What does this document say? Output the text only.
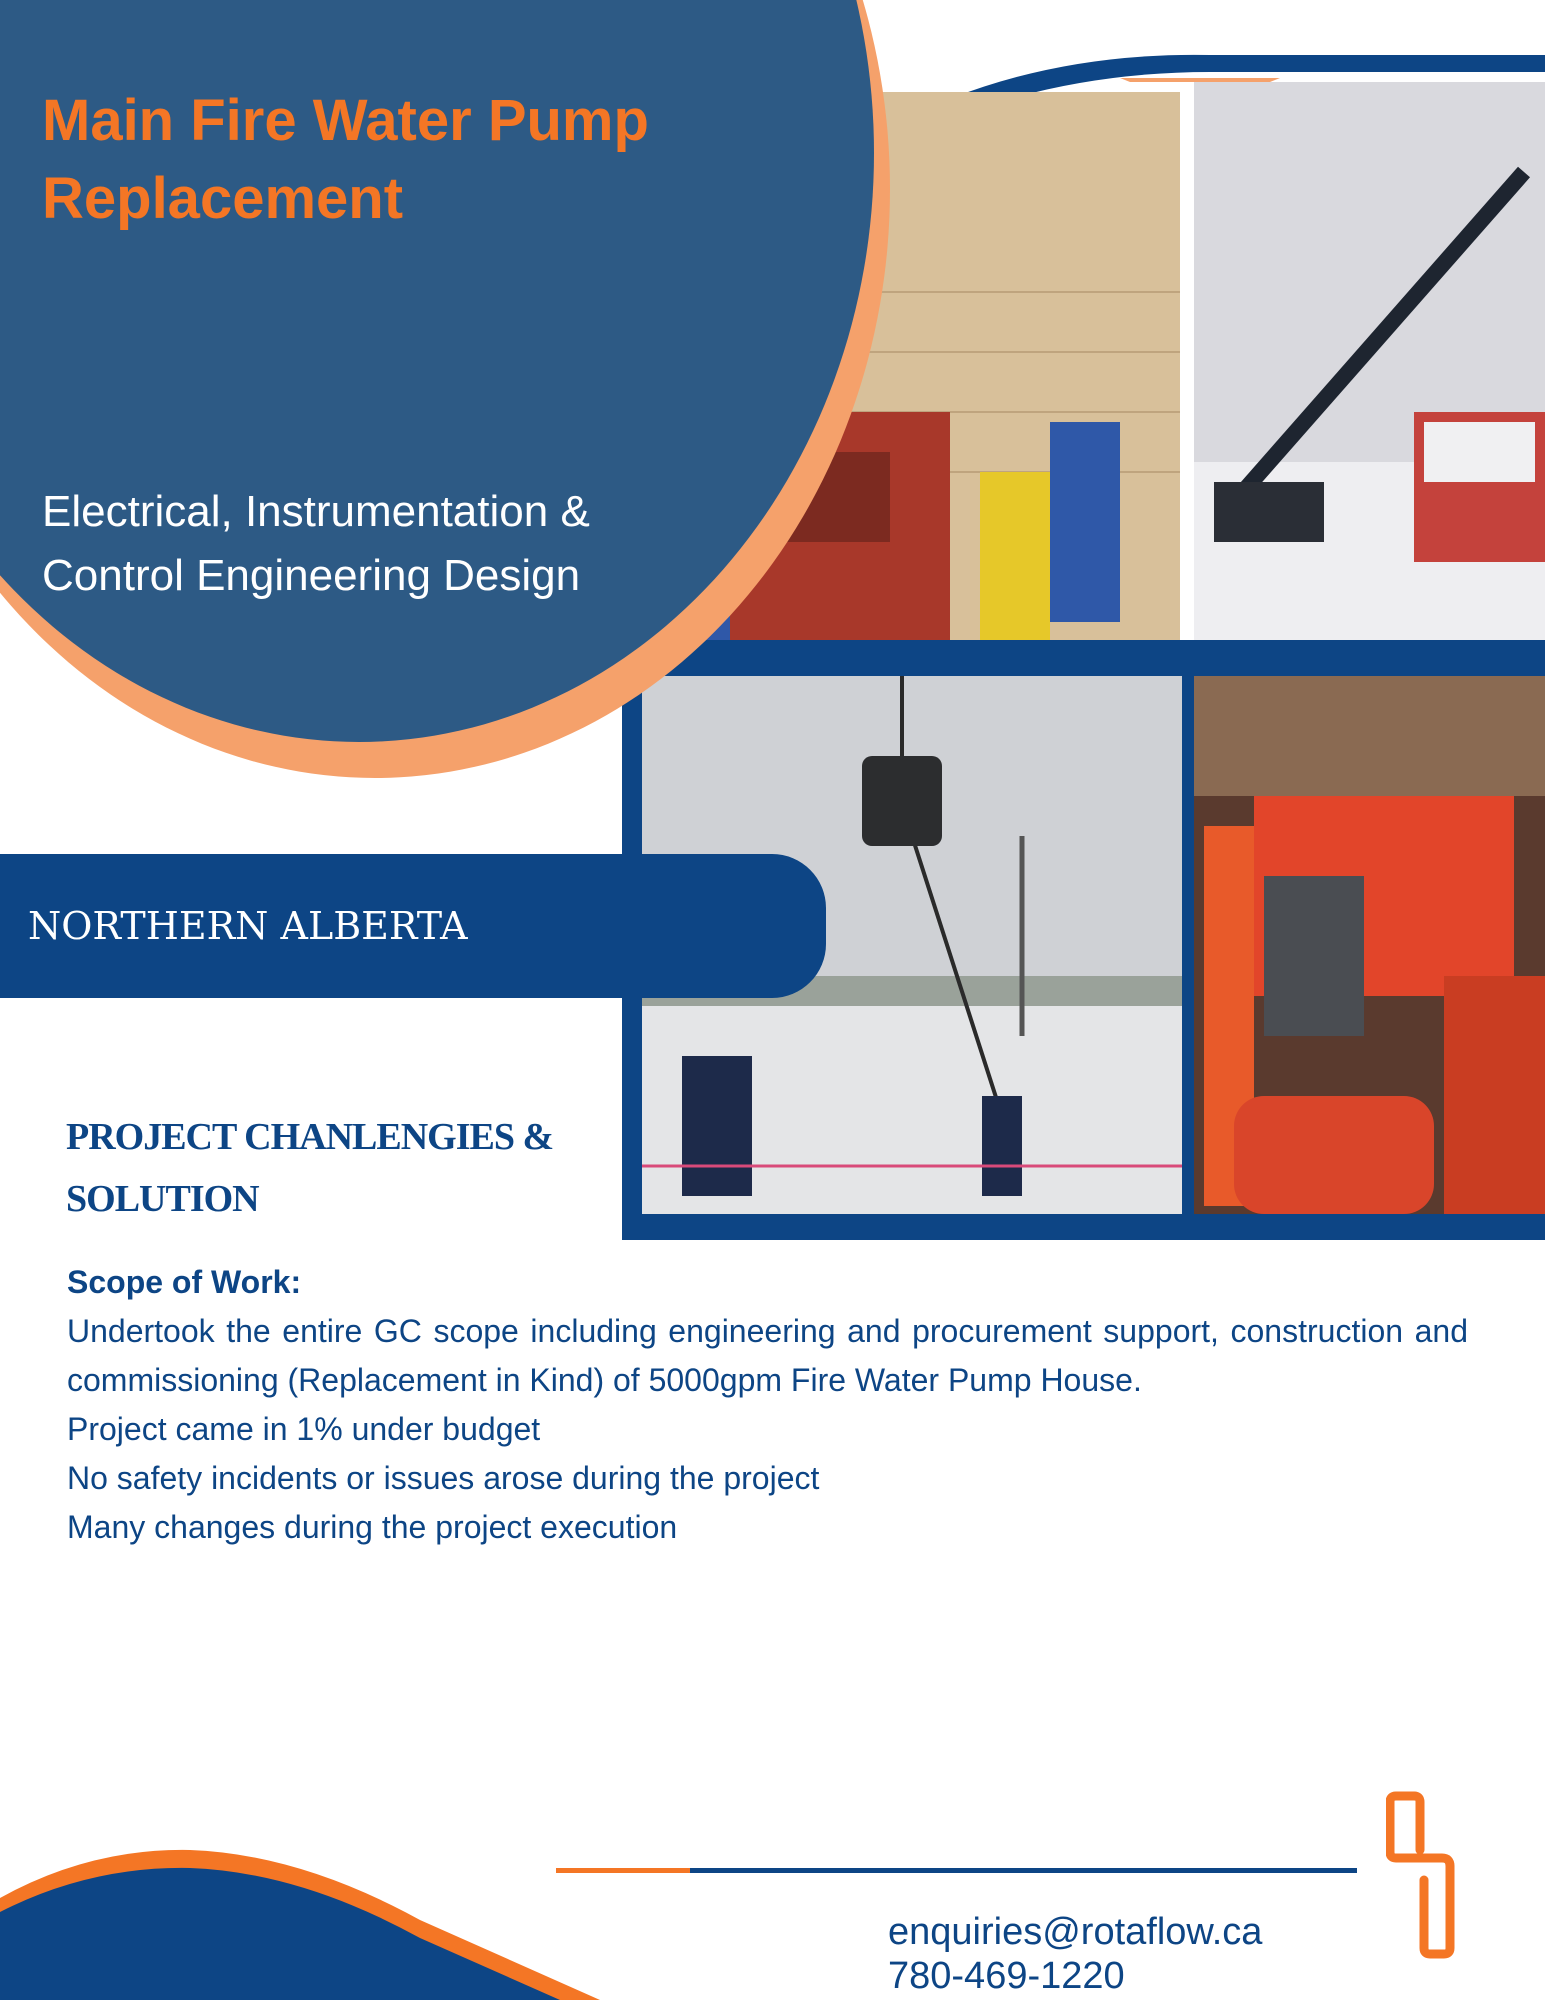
Main Fire Water Pump Replacement

Electrical, Instrumentation & Control Engineering Design

NORTHERN ALBERTA
PROJECT CHANLENGIES & SOLUTION
Scope of Work:
Undertook the entire GC scope including engineering and procurement support, construction and commissioning (Replacement in Kind) of 5000gpm Fire Water Pump House.
Project came in 1% under budget
No safety incidents or issues arose during the project
Many changes during the project execution
enquiries@rotaflow.ca
780-469-1220
